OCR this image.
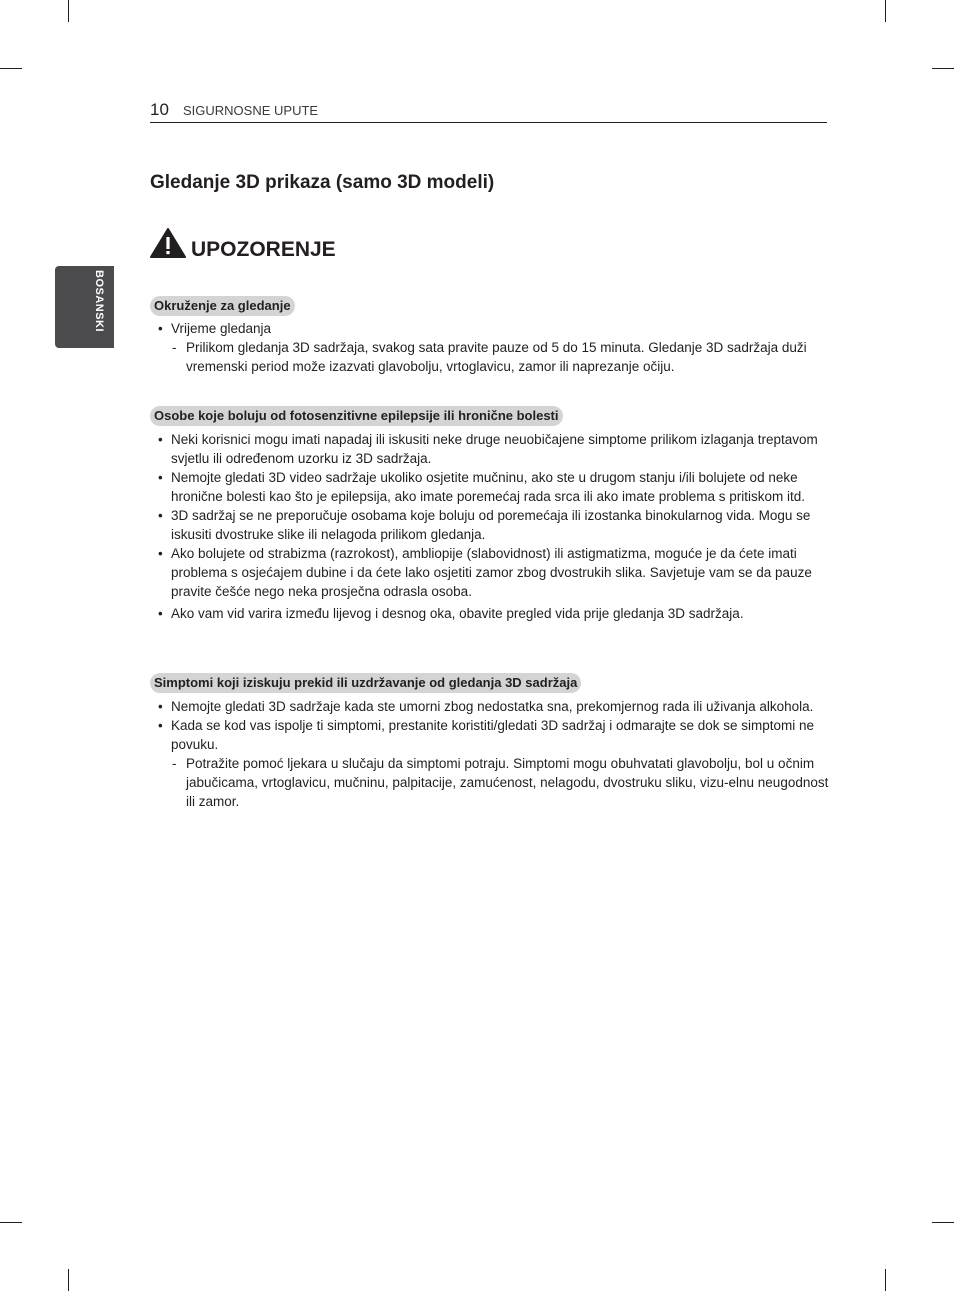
10 SIGURNOSNE UPUTE
BOSANSKI
Gledanje 3D prikaza (samo 3D modeli)
UPOZORENJE
Okruženje za gledanje
• Vrijeme gledanja
- Prilikom gledanja 3D sadržaja, svakog sata pravite pauze od 5 do 15 minuta. Gledanje 3D sadržaja duži vremenski period može izazvati glavobolju, vrtoglavicu, zamor ili naprezanje očiju.
Osobe koje boluju od fotosenzitivne epilepsije ili hronične bolesti
• Neki korisnici mogu imati napadaj ili iskusiti neke druge neuobičajene simptome prilikom izlaganja treptavom svjetlu ili određenom uzorku iz 3D sadržaja.
• Nemojte gledati 3D video sadržaje ukoliko osjetite mučninu, ako ste u drugom stanju i/ili bolujete od neke hronične bolesti kao što je epilepsija, ako imate poremećaj rada srca ili ako imate problema s pritiskom itd.
• 3D sadržaj se ne preporučuje osobama koje boluju od poremećaja ili izostanka binokularnog vida. Mogu se iskusiti dvostruke slike ili nelagoda prilikom gledanja.
• Ako bolujete od strabizma (razrokost), ambliopije (slabovidnost) ili astigmatizma, moguće je da ćete imati problema s osjećajem dubine i da ćete lako osjetiti zamor zbog dvostrukih slika. Savjetuje vam se da pauze pravite češće nego neka prosječna odrasla osoba.
• Ako vam vid varira između lijevog i desnog oka, obavite pregled vida prije gledanja 3D sadržaja.
Simptomi koji iziskuju prekid ili uzdržavanje od gledanja 3D sadržaja
• Nemojte gledati 3D sadržaje kada ste umorni zbog nedostatka sna, prekomjernog rada ili uživanja alkohola.
• Kada se kod vas ispolje ti simptomi, prestanite koristiti/gledati 3D sadržaj i odmarajte se dok se simptomi ne povuku.
- Potražite pomoć ljekara u slučaju da simptomi potraju. Simptomi mogu obuhvatati glavobolju, bol u očnim jabučicama, vrtoglavicu, mučninu, palpitacije, zamućenost, nelagodu, dvostruku sliku, vizu-elnu neugodnost ili zamor.
